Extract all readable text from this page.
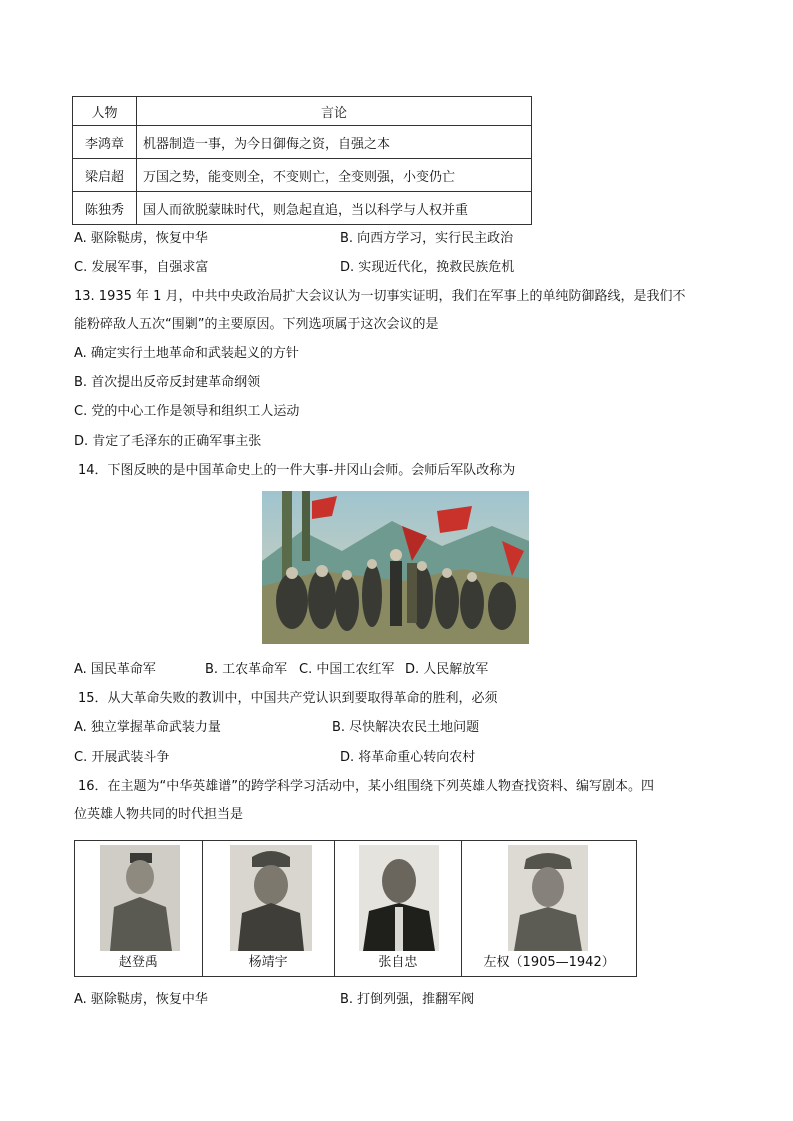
人物	言论
李鸿章	机器制造一事，为今日御侮之资，自强之本
梁启超	万国之势，能变则全，不变则亡，全变则强，小变仍亡
陈独秀	国人而欲脱蒙昧时代，则急起直追，当以科学与人权并重
A. 驱除鞑虏，恢复中华	B. 向西方学习，实行民主政治
C. 发展军事，自强求富	D. 实现近代化，挽救民族危机
13. 1935 年 1 月，中共中央政治局扩大会议认为一切事实证明，我们在军事上的单纯防御路线，是我们不
能粉碎敌人五次“围剿”的主要原因。下列选项属于这次会议的是
A. 确定实行土地革命和武装起义的方针
B. 首次提出反帝反封建革命纲领
C. 党的中心工作是领导和组织工人运动
D. 肯定了毛泽东的正确军事主张
14．下图反映的是中国革命史上的一件大事-井冈山会师。会师后军队改称为
A. 国民革命军	B. 工农革命军 C. 中国工农红军 D. 人民解放军
15．从大革命失败的教训中，中国共产党认识到要取得革命的胜利，必须
A. 独立掌握革命武装力量	B. 尽快解决农民土地问题
C. 开展武装斗争	D. 将革命重心转向农村
16．在主题为“中华英雄谱”的跨学科学习活动中，某小组围绕下列英雄人物查找资料、编写剧本。四
位英雄人物共同的时代担当是
赵登禹	杨靖宇	张自忠	左权（1905—1942）
A. 驱除鞑虏，恢复中华	B. 打倒列强，推翻军阀
